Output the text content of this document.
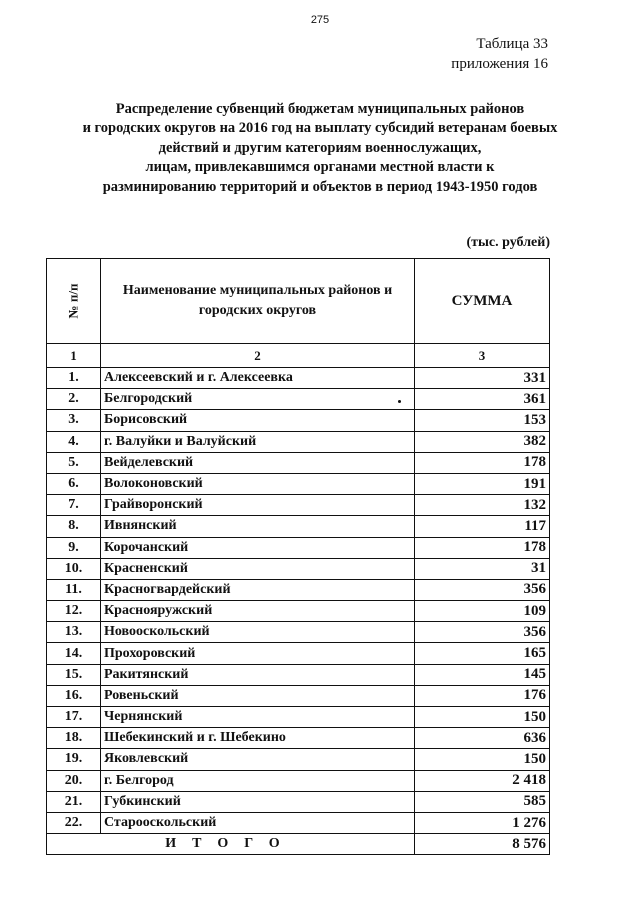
275
Таблица 33
приложения 16
Распределение субвенций бюджетам муниципальных районов
и городских округов на 2016 год на выплату субсидий ветеранам боевых
действий и другим категориям военнослужащих,
лицам, привлекавшимся органами местной власти к
разминированию территорий и объектов в период 1943-1950 годов
(тыс. рублей)
№ п/п	Наименование муниципальных районов и городских округов	СУММА
1	2	3
1.	Алексеевский и г. Алексеевка	331
2.	Белгородский	361
3.	Борисовский	153
4.	г. Валуйки и Валуйский	382
5.	Вейделевский	178
6.	Волоконовский	191
7.	Грайворонский	132
8.	Ивнянский	117
9.	Корочанский	178
10.	Красненский	31
11.	Красногвардейский	356
12.	Краснояружский	109
13.	Новооскольский	356
14.	Прохоровский	165
15.	Ракитянский	145
16.	Ровеньский	176
17.	Чернянский	150
18.	Шебекинский и г. Шебекино	636
19.	Яковлевский	150
20.	г. Белгород	2 418
21.	Губкинский	585
22.	Старооскольский	1 276
ИТОГО		8 576
